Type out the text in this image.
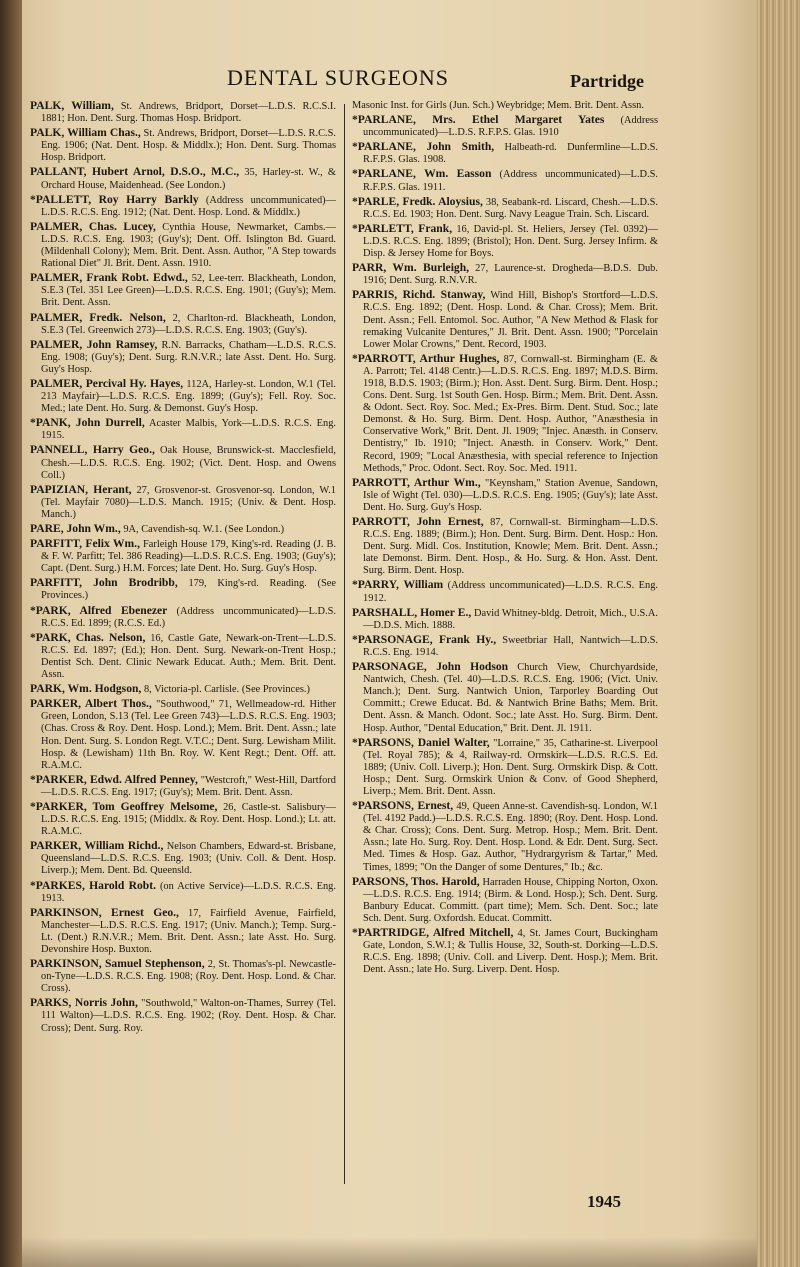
DENTAL SURGEONS	Partridge

PALK, William, St. Andrews, Bridport, Dorset—L.D.S. R.C.S.I. 1881; Hon. Dent. Surg. Thomas Hosp. Bridport.

PALK, William Chas., St. Andrews, Bridport, Dorset—L.D.S. R.C.S. Eng. 1906; (Nat. Dent. Hosp. & Middlx.); Hon. Dent. Surg. Thomas Hosp. Bridport.

PALLANT, Hubert Arnol, D.S.O., M.C., 35, Harley-st. W., & Orchard House, Maidenhead. (See London.)

*PALLETT, Roy Harry Barkly (Address uncommunicated)—L.D.S. R.C.S. Eng. 1912; (Nat. Dent. Hosp. Lond. & Middlx.)

PALMER, Chas. Lucey, Cynthia House, Newmarket, Cambs.—L.D.S. R.C.S. Eng. 1903; (Guy's); Dent. Off. Islington Bd. Guard. (Mildenhall Colony); Mem. Brit. Dent. Assn. Author, "A Step towards Rational Diet" Jl. Brit. Dent. Assn. 1910.

PALMER, Frank Robt. Edwd., 52, Lee-terr. Blackheath, London, S.E.3 (Tel. 351 Lee Green)—L.D.S. R.C.S. Eng. 1901; (Guy's); Mem. Brit. Dent. Assn.

PALMER, Fredk. Nelson, 2, Charlton-rd. Blackheath, London, S.E.3 (Tel. Greenwich 273)—L.D.S. R.C.S. Eng. 1903; (Guy's).

PALMER, John Ramsey, R.N. Barracks, Chatham—L.D.S. R.C.S. Eng. 1908; (Guy's); Dent. Surg. R.N.V.R.; late Asst. Dent. Ho. Surg. Guy's Hosp.

PALMER, Percival Hy. Hayes, 112A, Harley-st. London, W.1 (Tel. 213 Mayfair)—L.D.S. R.C.S. Eng. 1899; (Guy's); Fell. Roy. Soc. Med.; late Dent. Ho. Surg. & Demonst. Guy's Hosp.

*PANK, John Durrell, Acaster Malbis, York—L.D.S. R.C.S. Eng. 1915.

PANNELL, Harry Geo., Oak House, Brunswick-st. Macclesfield, Chesh.—L.D.S. R.C.S. Eng. 1902; (Vict. Dent. Hosp. and Owens Coll.)

PAPIZIAN, Herant, 27, Grosvenor-st. Grosvenor-sq. London, W.1 (Tel. Mayfair 7080)—L.D.S. Manch. 1915; (Univ. & Dent. Hosp. Manch.)

PARE, John Wm., 9A, Cavendish-sq. W.1. (See London.)

PARFITT, Felix Wm., Farleigh House 179, King's-rd. Reading (J. B. & F. W. Parfitt; Tel. 386 Reading)—L.D.S. R.C.S. Eng. 1903; (Guy's); Capt. (Dent. Surg.) H.M. Forces; late Dent. Ho. Surg. Guy's Hosp.

PARFITT, John Brodribb, 179, King's-rd. Reading. (See Provinces.)

*PARK, Alfred Ebenezer (Address uncommunicated)—L.D.S. R.C.S. Ed. 1899; (R.C.S. Ed.)

*PARK, Chas. Nelson, 16, Castle Gate, Newark-on-Trent—L.D.S. R.C.S. Ed. 1897; (Ed.); Hon. Dent. Surg. Newark-on-Trent Hosp.; Dentist Sch. Dent. Clinic Newark Educat. Auth.; Mem. Brit. Dent. Assn.

PARK, Wm. Hodgson, 8, Victoria-pl. Carlisle. (See Provinces.)

PARKER, Albert Thos., "Southwood," 71, Wellmeadow-rd. Hither Green, London, S.13 (Tel. Lee Green 743)—L.D.S. R.C.S. Eng. 1903; (Chas. Cross & Roy. Dent. Hosp. Lond.); Mem. Brit. Dent. Assn.; late Hon. Dent. Surg. S. London Regt. V.T.C.; Dent. Surg. Lewisham Milit. Hosp. & (Lewisham) 11th Bn. Roy. W. Kent Regt.; Dent. Off. att. R.A.M.C.

*PARKER, Edwd. Alfred Penney, "Westcroft," West-Hill, Dartford—L.D.S. R.C.S. Eng. 1917; (Guy's); Mem. Brit. Dent. Assn.

*PARKER, Tom Geoffrey Melsome, 26, Castle-st. Salisbury—L.D.S. R.C.S. Eng. 1915; (Middlx. & Roy. Dent. Hosp. Lond.); Lt. att. R.A.M.C.

PARKER, William Richd., Nelson Chambers, Edward-st. Brisbane, Queensland—L.D.S. R.C.S. Eng. 1903; (Univ. Coll. & Dent. Hosp. Liverp.); Mem. Dent. Bd. Queensld.

*PARKES, Harold Robt. (on Active Service)—L.D.S. R.C.S. Eng. 1913.

PARKINSON, Ernest Geo., 17, Fairfield Avenue, Fairfield, Manchester—L.D.S. R.C.S. Eng. 1917; (Univ. Manch.); Temp. Surg.-Lt. (Dent.) R.N.V.R.; Mem. Brit. Dent. Assn.; late Asst. Ho. Surg. Devonshire Hosp. Buxton.

PARKINSON, Samuel Stephenson, 2, St. Thomas's-pl. Newcastle-on-Tyne—L.D.S. R.C.S. Eng. 1908; (Roy. Dent. Hosp. Lond. & Char. Cross).

PARKS, Norris John, "Southwold," Walton-on-Thames, Surrey (Tel. 111 Walton)—L.D.S. R.C.S. Eng. 1902; (Roy. Dent. Hosp. & Char. Cross); Dent. Surg. Roy.

Masonic Inst. for Girls (Jun. Sch.) Weybridge; Mem. Brit. Dent. Assn.

*PARLANE, Mrs. Ethel Margaret Yates (Address uncommunicated)—L.D.S. R.F.P.S. Glas. 1910

*PARLANE, John Smith, Halbeath-rd. Dunfermline—L.D.S. R.F.P.S. Glas. 1908.

*PARLANE, Wm. Easson (Address uncommunicated)—L.D.S. R.F.P.S. Glas. 1911.

*PARLE, Fredk. Aloysius, 38, Seabank-rd. Liscard, Chesh.—L.D.S. R.C.S. Ed. 1903; Hon. Dent. Surg. Navy League Train. Sch. Liscard.

*PARLETT, Frank, 16, David-pl. St. Heliers, Jersey (Tel. 0392)—L.D.S. R.C.S. Eng. 1899; (Bristol); Hon. Dent. Surg. Jersey Infirm. & Disp. & Jersey Home for Boys.

PARR, Wm. Burleigh, 27, Laurence-st. Drogheda—B.D.S. Dub. 1916; Dent. Surg. R.N.V.R.

PARRIS, Richd. Stanway, Wind Hill, Bishop's Stortford—L.D.S. R.C.S. Eng. 1892; (Dent. Hosp. Lond. & Char. Cross); Mem. Brit. Dent. Assn.; Fell. Entomol. Soc. Author, "A New Method & Flask for remaking Vulcanite Dentures," Jl. Brit. Dent. Assn. 1900; "Porcelain Lower Molar Crowns," Dent. Record, 1903.

*PARROTT, Arthur Hughes, 87, Cornwall-st. Birmingham (E. & A. Parrott; Tel. 4148 Centr.)—L.D.S. R.C.S. Eng. 1897; M.D.S. Birm. 1918, B.D.S. 1903; (Birm.); Hon. Asst. Dent. Surg. Birm. Dent. Hosp.; Cons. Dent. Surg. 1st South Gen. Hosp. Birm.; Mem. Brit. Dent. Assn. & Odont. Sect. Roy. Soc. Med.; Ex-Pres. Birm. Dent. Stud. Soc.; late Demonst. & Ho. Surg. Birm. Dent. Hosp. Author, "Anæsthesia in Conservative Work," Brit. Dent. Jl. 1909; "Injec. Anæsth. in Conserv. Dentistry," Ib. 1910; "Inject. Anæsth. in Conserv. Work," Dent. Record, 1909; "Local Anæsthesia, with special reference to Injection Methods," Proc. Odont. Sect. Roy. Soc. Med. 1911.

PARROTT, Arthur Wm., "Keynsham," Station Avenue, Sandown, Isle of Wight (Tel. 030)—L.D.S. R.C.S. Eng. 1905; (Guy's); late Asst. Dent. Ho. Surg. Guy's Hosp.

PARROTT, John Ernest, 87, Cornwall-st. Birmingham—L.D.S. R.C.S. Eng. 1889; (Birm.); Hon. Dent. Surg. Birm. Dent. Hosp.: Hon. Dent. Surg. Midl. Cos. Institution, Knowle; Mem. Brit. Dent. Assn.; late Demonst. Birm. Dent. Hosp., & Ho. Surg. & Hon. Asst. Dent. Surg. Birm. Dent. Hosp.

*PARRY, William (Address uncommunicated)—L.D.S. R.C.S. Eng. 1912.

PARSHALL, Homer E., David Whitney-bldg. Detroit, Mich., U.S.A.—D.D.S. Mich. 1888.

*PARSONAGE, Frank Hy., Sweetbriar Hall, Nantwich—L.D.S. R.C.S. Eng. 1914.

PARSONAGE, John Hodson Church View, Churchyardside, Nantwich, Chesh. (Tel. 40)—L.D.S. R.C.S. Eng. 1906; (Vict. Univ. Manch.); Dent. Surg. Nantwich Union, Tarporley Boarding Out Committ.; Crewe Educat. Bd. & Nantwich Brine Baths; Mem. Brit. Dent. Assn. & Manch. Odont. Soc.; late Asst. Ho. Surg. Birm. Dent. Hosp. Author, "Dental Education," Brit. Dent. Jl. 1911.

*PARSONS, Daniel Walter, "Lorraine," 35, Catharine-st. Liverpool (Tel. Royal 785); & 4, Railway-rd. Ormskirk—L.D.S. R.C.S. Ed. 1889; (Univ. Coll. Liverp.); Hon. Dent. Surg. Ormskirk Disp. & Cott. Hosp.; Dent. Surg. Ormskirk Union & Conv. of Good Shepherd, Liverp.; Mem. Brit. Dent. Assn.

*PARSONS, Ernest, 49, Queen Anne-st. Cavendish-sq. London, W.1 (Tel. 4192 Padd.)—L.D.S. R.C.S. Eng. 1890; (Roy. Dent. Hosp. Lond. & Char. Cross); Cons. Dent. Surg. Metrop. Hosp.; Mem. Brit. Dent. Assn.; late Ho. Surg. Roy. Dent. Hosp. Lond. & Edr. Dent. Surg. Sect. Med. Times & Hosp. Gaz. Author, "Hydrargyrism & Tartar," Med. Times, 1899; "On the Danger of some Dentures," Ib.; &c.

PARSONS, Thos. Harold, Harraden House, Chipping Norton, Oxon.—L.D.S. R.C.S. Eng. 1914; (Birm. & Lond. Hosp.); Sch. Dent. Surg. Banbury Educat. Committ. (part time); Mem. Sch. Dent. Soc.; late Sch. Dent. Surg. Oxfordsh. Educat. Committ.

*PARTRIDGE, Alfred Mitchell, 4, St. James Court, Buckingham Gate, London, S.W.1; & Tullis House, 32, South-st. Dorking—L.D.S. R.C.S. Eng. 1898; (Univ. Coll. and Liverp. Dent. Hosp.); Mem. Brit. Dent. Assn.; late Ho. Surg. Liverp. Dent. Hosp.

1945
